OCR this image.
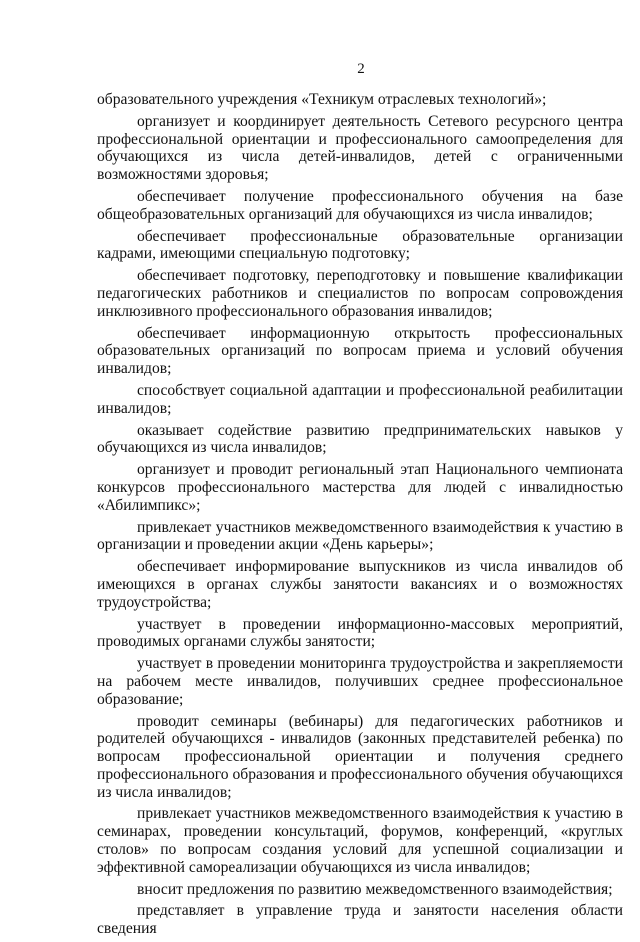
2

образовательного учреждения «Техникум отраслевых технологий»;

организует и координирует деятельность Сетевого ресурсного центра профессиональной ориентации и профессионального самоопределения для обучающихся из числа детей-инвалидов, детей с ограниченными возможностями здоровья;

обеспечивает получение профессионального обучения на базе общеобразовательных организаций для обучающихся из числа инвалидов;

обеспечивает профессиональные образовательные организации кадрами, имеющими специальную подготовку;

обеспечивает подготовку, переподготовку и повышение квалификации педагогических работников и специалистов по вопросам сопровождения инклюзивного профессионального образования инвалидов;

обеспечивает информационную открытость профессиональных образовательных организаций по вопросам приема и условий обучения инвалидов;

способствует социальной адаптации и профессиональной реабилитации инвалидов;

оказывает содействие развитию предпринимательских навыков у обучающихся из числа инвалидов;

организует и проводит региональный этап Национального чемпионата конкурсов профессионального мастерства для людей с инвалидностью «Абилимпикс»;

привлекает участников межведомственного взаимодействия к участию в организации и проведении акции «День карьеры»;

обеспечивает информирование выпускников из числа инвалидов об имеющихся в органах службы занятости вакансиях и о возможностях трудоустройства;

участвует в проведении информационно-массовых мероприятий, проводимых органами службы занятости;

участвует в проведении мониторинга трудоустройства и закрепляемости на рабочем месте инвалидов, получивших среднее профессиональное образование;

проводит семинары (вебинары) для педагогических работников и родителей обучающихся - инвалидов (законных представителей ребенка) по вопросам профессиональной ориентации и получения среднего профессионального образования и профессионального обучения обучающихся из числа инвалидов;

привлекает участников межведомственного взаимодействия к участию в семинарах, проведении консультаций, форумов, конференций, «круглых столов» по вопросам создания условий для успешной социализации и эффективной самореализации обучающихся из числа инвалидов;

вносит предложения по развитию межведомственного взаимодействия;

представляет в управление труда и занятости населения области сведения
